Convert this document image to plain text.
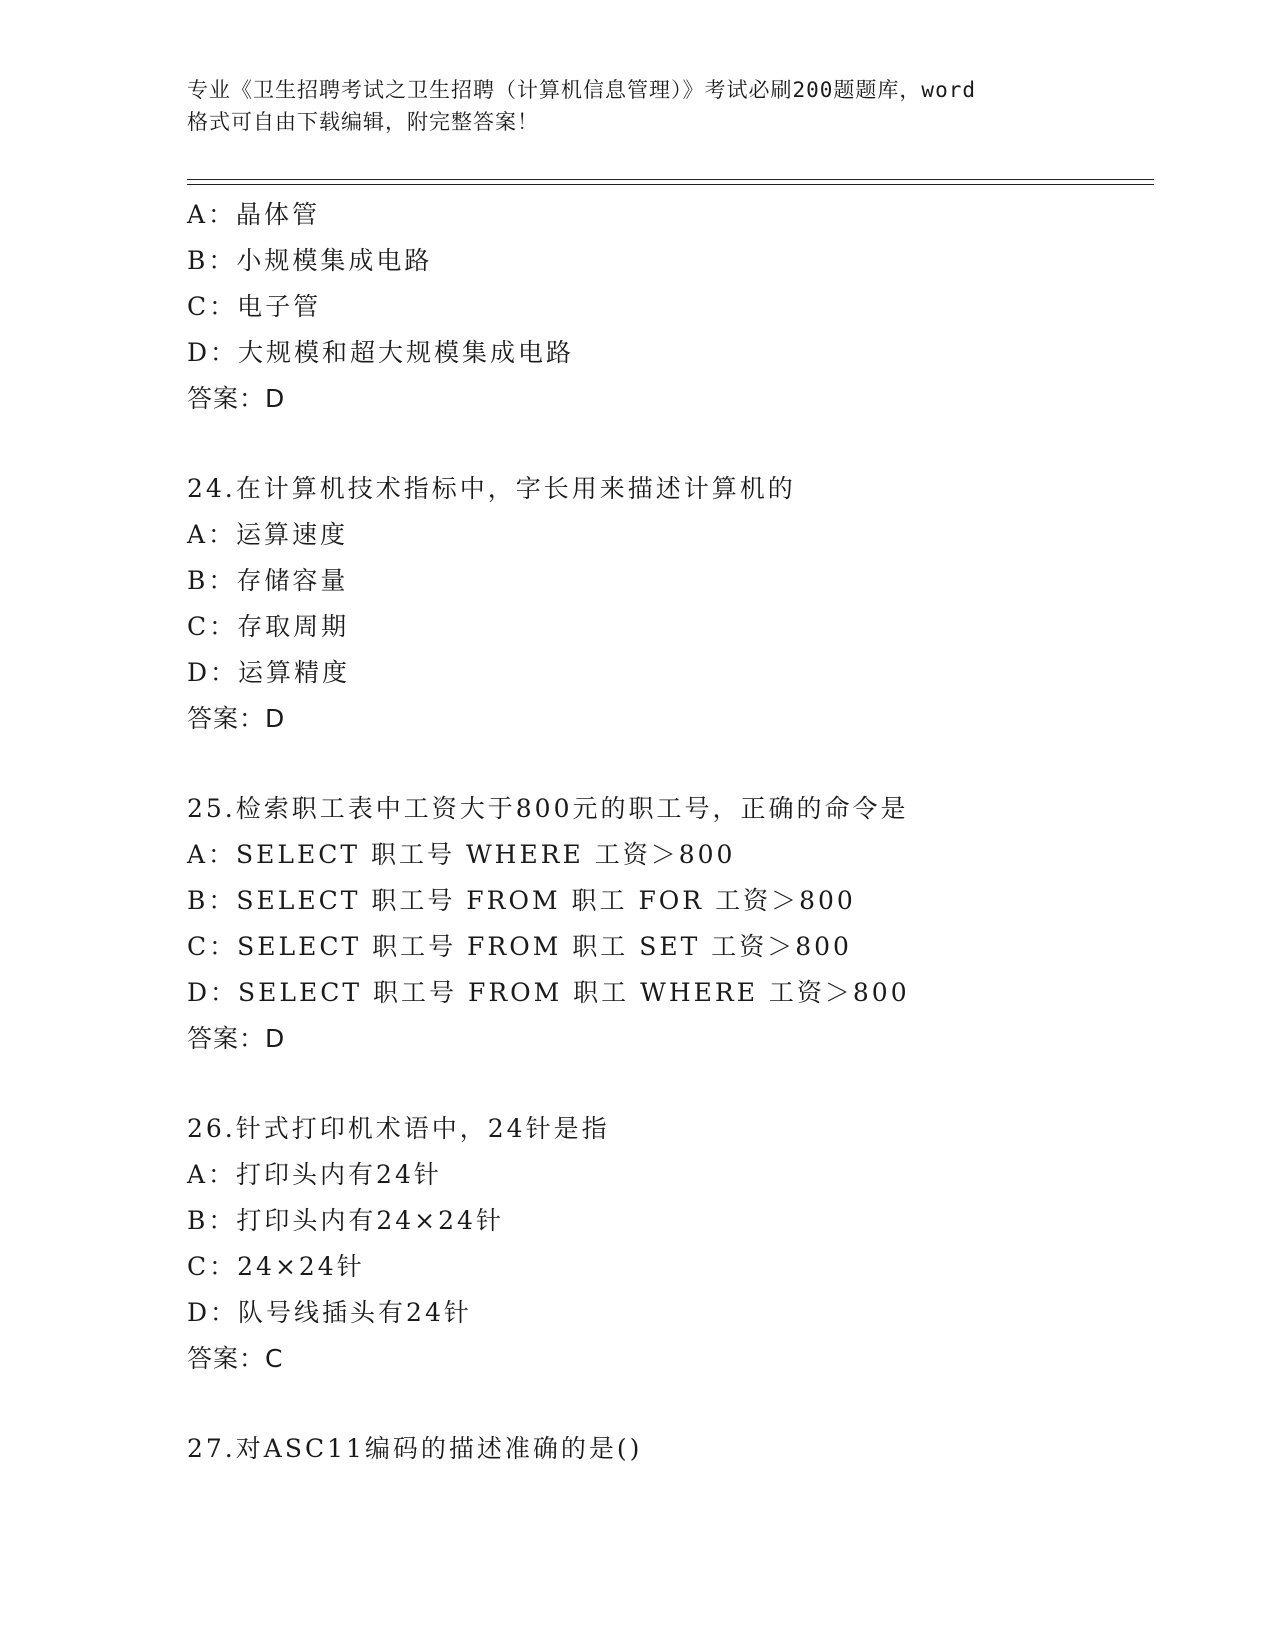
专业《卫生招聘考试之卫生招聘（计算机信息管理）》考试必刷200题题库，word
格式可自由下载编辑，附完整答案！
A：晶体管
B：小规模集成电路
C：电子管
D：大规模和超大规模集成电路
答案：D
24.在计算机技术指标中，字长用来描述计算机的
A：运算速度
B：存储容量
C：存取周期
D：运算精度
答案：D
25.检索职工表中工资大于800元的职工号，正确的命令是
A：SELECT 职工号 WHERE 工资＞800
B：SELECT 职工号 FROM 职工 FOR 工资＞800
C：SELECT 职工号 FROM 职工 SET 工资＞800
D：SELECT 职工号 FROM 职工 WHERE 工资＞800
答案：D
26.针式打印机术语中，24针是指
A：打印头内有24针
B：打印头内有24×24针
C：24×24针
D：队号线插头有24针
答案：C
27.对ASC11编码的描述准确的是()
